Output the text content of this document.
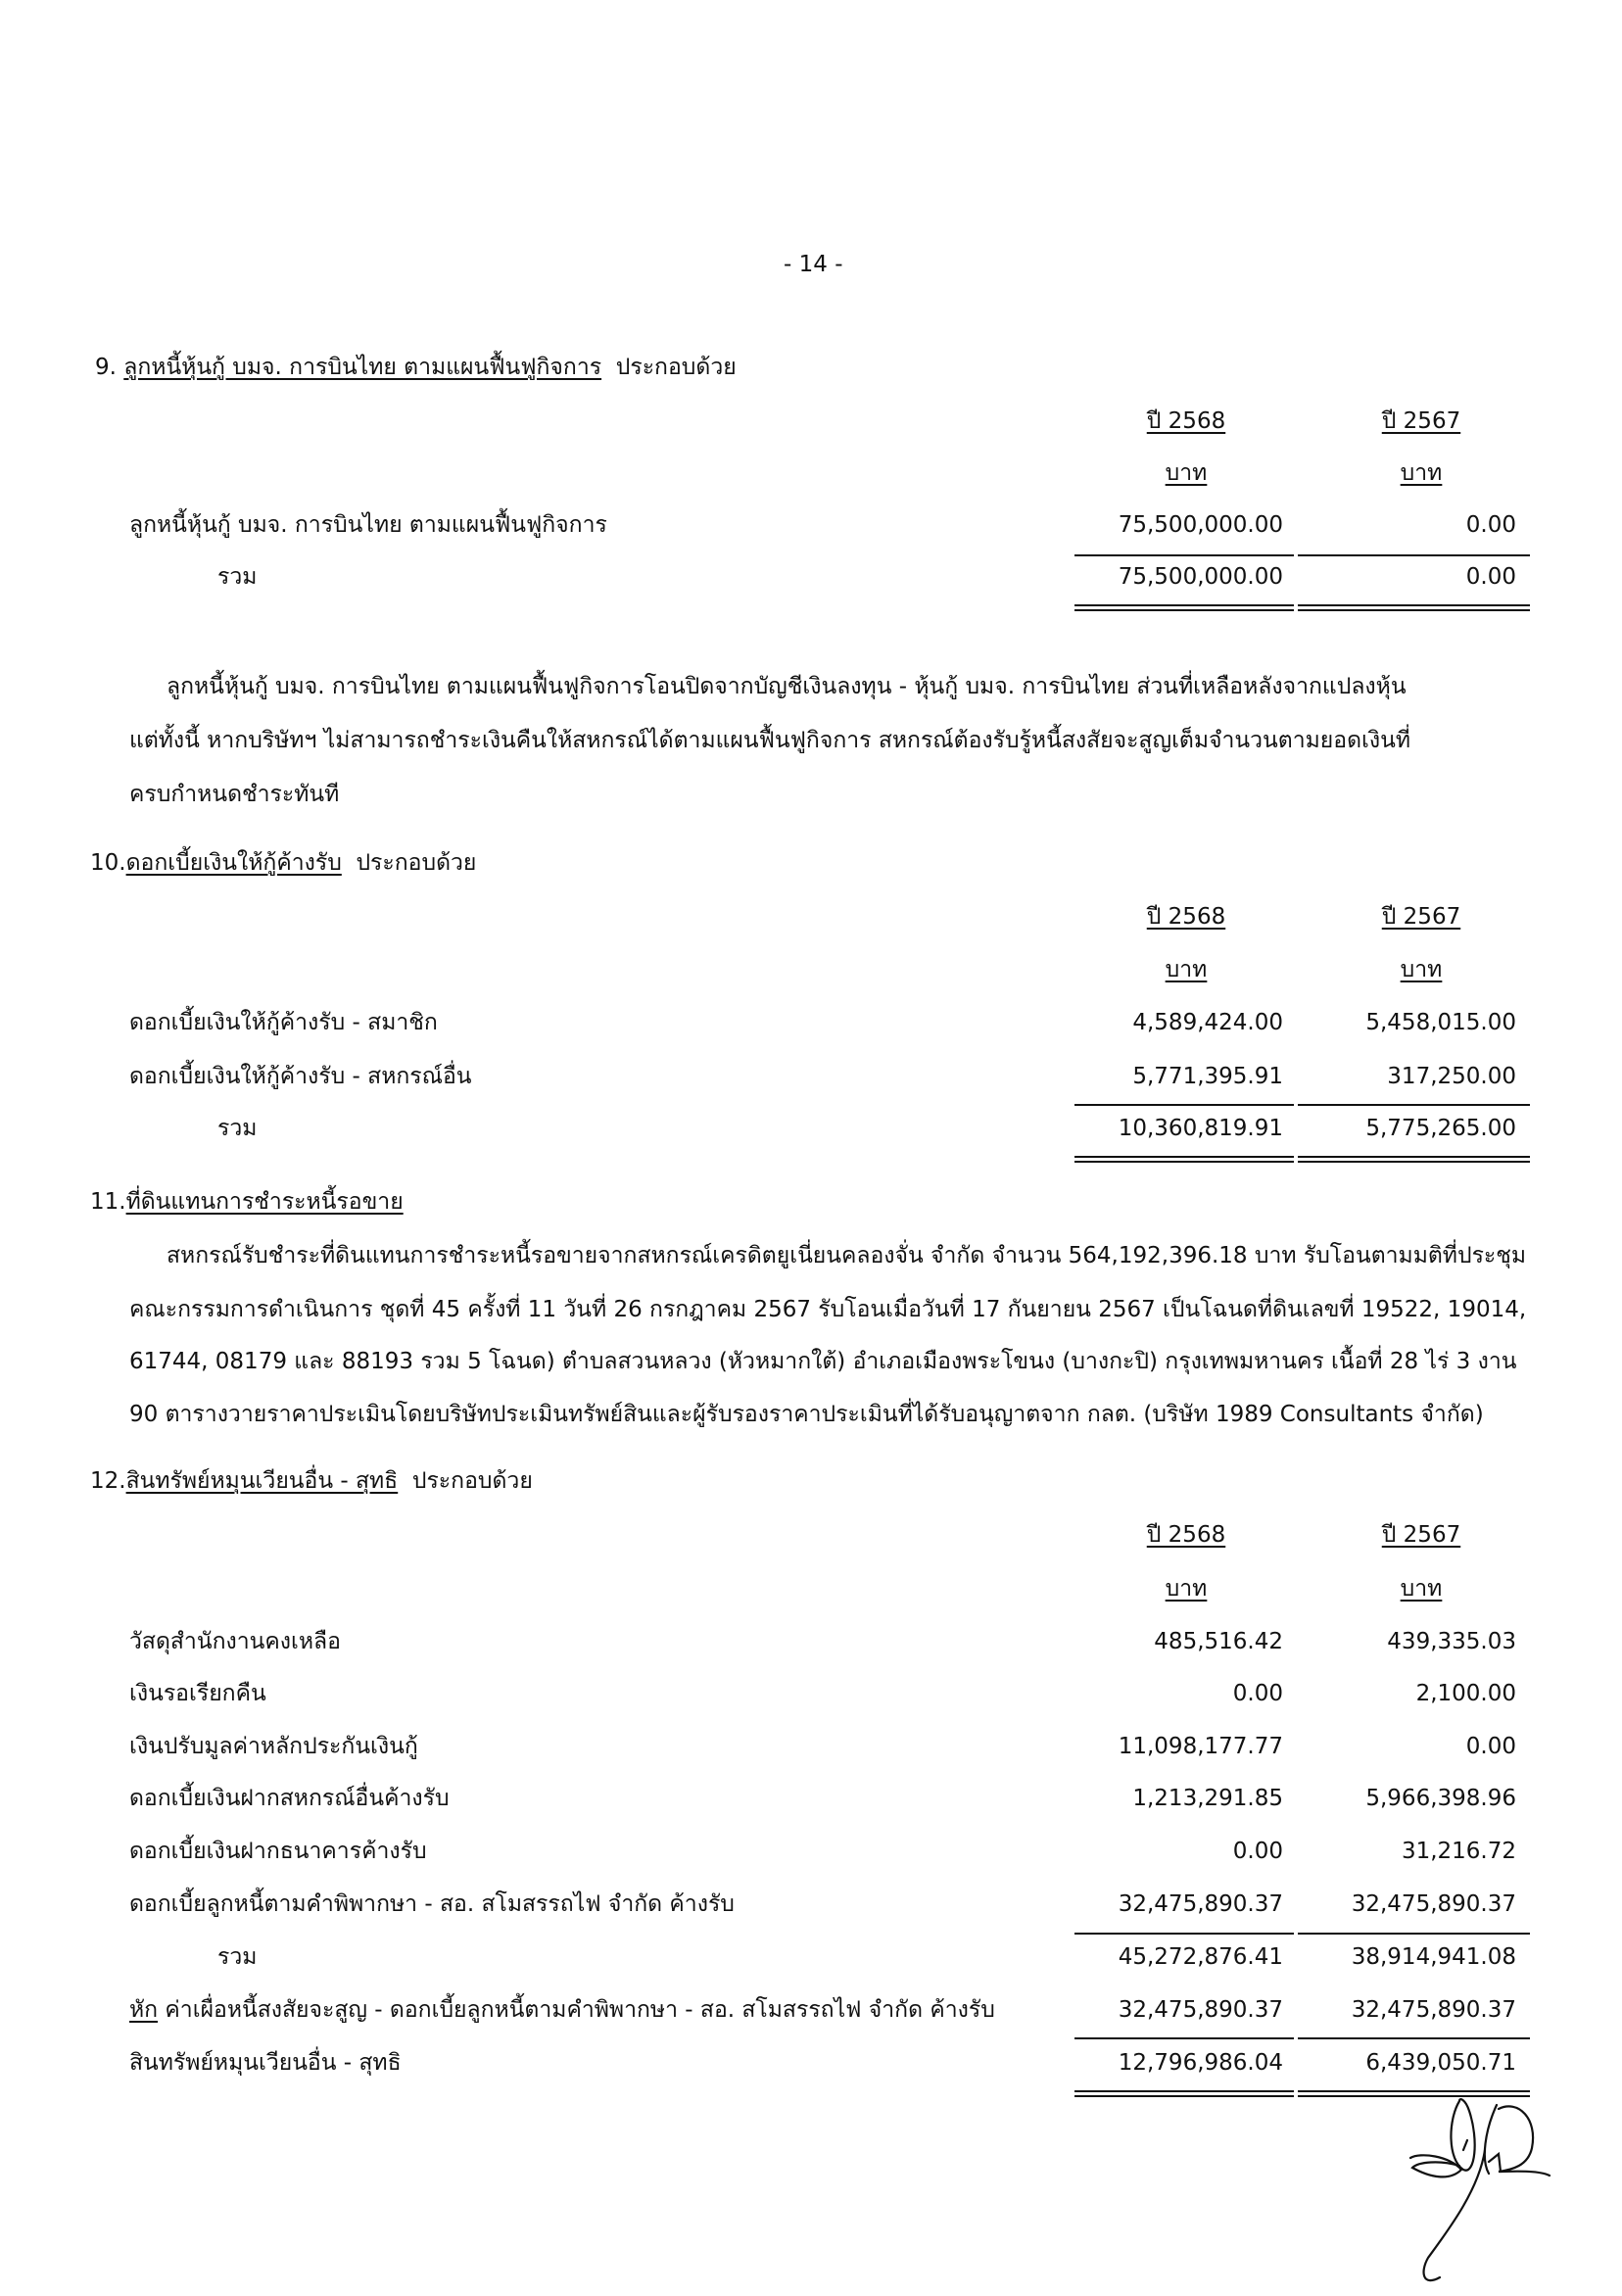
- 14 -
9. ลูกหนี้หุ้นกู้ บมจ. การบินไทย ตามแผนฟื้นฟูกิจการ ประกอบด้วย
ปี 2568	ปี 2567
บาท	บาท
ลูกหนี้หุ้นกู้ บมจ. การบินไทย ตามแผนฟื้นฟูกิจการ	75,500,000.00	0.00
รวม	75,500,000.00	0.00
ลูกหนี้หุ้นกู้ บมจ. การบินไทย ตามแผนฟื้นฟูกิจการโอนปิดจากบัญชีเงินลงทุน - หุ้นกู้ บมจ. การบินไทย ส่วนที่เหลือหลังจากแปลงหุ้น
แต่ทั้งนี้ หากบริษัทฯ ไม่สามารถชำระเงินคืนให้สหกรณ์ได้ตามแผนฟื้นฟูกิจการ สหกรณ์ต้องรับรู้หนี้สงสัยจะสูญเต็มจำนวนตามยอดเงินที่
ครบกำหนดชำระทันที
10.ดอกเบี้ยเงินให้กู้ค้างรับ ประกอบด้วย
ปี 2568	ปี 2567
บาท	บาท
ดอกเบี้ยเงินให้กู้ค้างรับ - สมาชิก	4,589,424.00	5,458,015.00
ดอกเบี้ยเงินให้กู้ค้างรับ - สหกรณ์อื่น	5,771,395.91	317,250.00
รวม	10,360,819.91	5,775,265.00
11.ที่ดินแทนการชำระหนี้รอขาย
สหกรณ์รับชำระที่ดินแทนการชำระหนี้รอขายจากสหกรณ์เครดิตยูเนี่ยนคลองจั่น จำกัด จำนวน 564,192,396.18 บาท รับโอนตามมติที่ประชุม
คณะกรรมการดำเนินการ ชุดที่ 45 ครั้งที่ 11 วันที่ 26 กรกฎาคม 2567 รับโอนเมื่อวันที่ 17 กันยายน 2567 เป็นโฉนดที่ดินเลขที่ 19522, 19014,
61744, 08179 และ 88193 รวม 5 โฉนด) ตำบลสวนหลวง (หัวหมากใต้) อำเภอเมืองพระโขนง (บางกะปิ) กรุงเทพมหานคร เนื้อที่ 28 ไร่ 3 งาน
90 ตารางวายราคาประเมินโดยบริษัทประเมินทรัพย์สินและผู้รับรองราคาประเมินที่ได้รับอนุญาตจาก กลต. (บริษัท 1989 Consultants จำกัด)
12.สินทรัพย์หมุนเวียนอื่น - สุทธิ ประกอบด้วย
ปี 2568	ปี 2567
บาท	บาท
วัสดุสำนักงานคงเหลือ	485,516.42	439,335.03
เงินรอเรียกคืน	0.00	2,100.00
เงินปรับมูลค่าหลักประกันเงินกู้	11,098,177.77	0.00
ดอกเบี้ยเงินฝากสหกรณ์อื่นค้างรับ	1,213,291.85	5,966,398.96
ดอกเบี้ยเงินฝากธนาคารค้างรับ	0.00	31,216.72
ดอกเบี้ยลูกหนี้ตามคำพิพากษา - สอ. สโมสรรถไฟ จำกัด ค้างรับ	32,475,890.37	32,475,890.37
รวม	45,272,876.41	38,914,941.08
หัก ค่าเผื่อหนี้สงสัยจะสูญ - ดอกเบี้ยลูกหนี้ตามคำพิพากษา - สอ. สโมสรรถไฟ จำกัด ค้างรับ	32,475,890.37	32,475,890.37
สินทรัพย์หมุนเวียนอื่น - สุทธิ	12,796,986.04	6,439,050.71
